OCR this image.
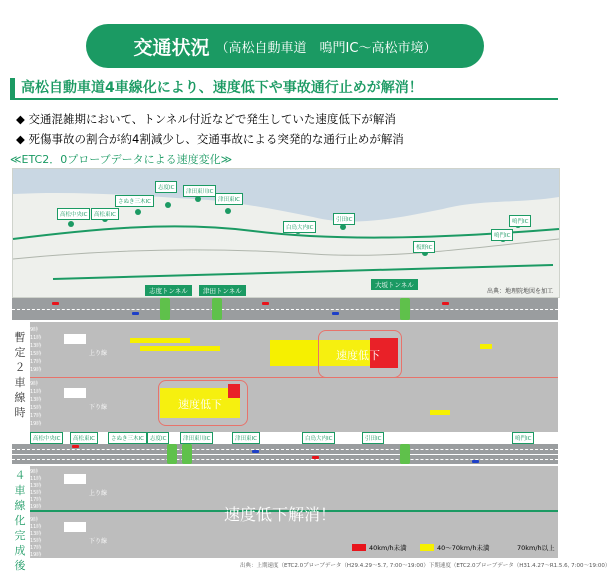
交通状況 （高松自動車道　鳴門IC～高松市境）
高松自動車道4車線化により、速度低下や事故通行止めが解消！
◆ 交通混雑期において、トンネル付近などで発生していた速度低下が解消
◆ 死傷事故の割合が約4割減少し、交通事故による突発的な通行止めが解消
≪ETC2．0プローブデータによる速度変化≫
高松中央IC	高松東IC
さぬき三木IC
志度IC
津田東川IC
津田東IC
白鳥大内IC
引田IC
板野IC
鳴門IC
鳴門IC
志度トンネル	津田トンネル
大坂トンネル
出典：地理院地図を加工
暫定２車線時
9時
11時
13時
15時
17時
19時
上り線	速度低下
9時
11時
13時
15時
17時
19時
下り線	速度低下
高松中央IC	高松東IC	さぬき三木IC	志度IC	津田東川IC	津田東IC	白鳥大内IC	引田IC	鳴門IC
４車線化完成後
9時
11時
13時
15時
17時
19時
上り線
9時
11時
13時
15時
17時
19時
下り線
速度低下解消！
40km/h未満	40～70km/h未満	70km/h以上
出典：上期速度（ETC2.0プローブデータ（H29.4.29～5.7, 7:00～19:00）下期速度（ETC2.0プローブデータ（H31.4.27～R1.5.6, 7:00～19:00）
